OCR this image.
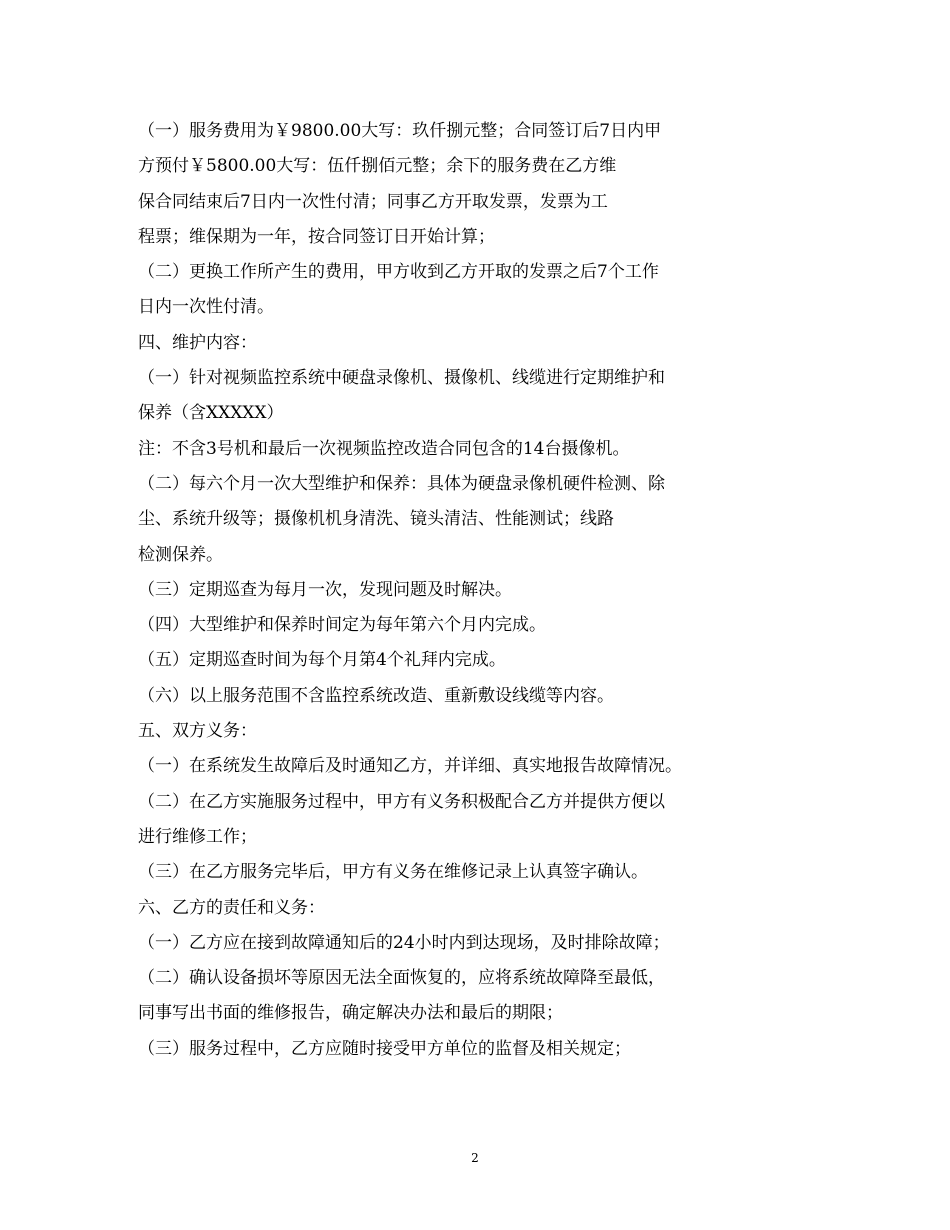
（一）服务费用为￥9800.00大写：玖仟捌元整；合同签订后7日内甲
方预付￥5800.00大写：伍仟捌佰元整；余下的服务费在乙方维
保合同结束后7日内一次性付清；同事乙方开取发票，发票为工
程票；维保期为一年，按合同签订日开始计算；
（二）更换工作所产生的费用，甲方收到乙方开取的发票之后7个工作
日内一次性付清。
四、维护内容：
（一）针对视频监控系统中硬盘录像机、摄像机、线缆进行定期维护和
保养（含XXXXX）
注：不含3号机和最后一次视频监控改造合同包含的14台摄像机。
（二）每六个月一次大型维护和保养：具体为硬盘录像机硬件检测、除
尘、系统升级等；摄像机机身清洗、镜头清洁、性能测试；线路
检测保养。
（三）定期巡查为每月一次，发现问题及时解决。
（四）大型维护和保养时间定为每年第六个月内完成。
（五）定期巡查时间为每个月第4个礼拜内完成。
（六）以上服务范围不含监控系统改造、重新敷设线缆等内容。
五、双方义务：
（一）在系统发生故障后及时通知乙方，并详细、真实地报告故障情况。
（二）在乙方实施服务过程中，甲方有义务积极配合乙方并提供方便以
进行维修工作；
（三）在乙方服务完毕后，甲方有义务在维修记录上认真签字确认。
六、乙方的责任和义务：
（一）乙方应在接到故障通知后的24小时内到达现场，及时排除故障；
（二）确认设备损坏等原因无法全面恢复的，应将系统故障降至最低，
同事写出书面的维修报告，确定解决办法和最后的期限；
（三）服务过程中，乙方应随时接受甲方单位的监督及相关规定；
2
